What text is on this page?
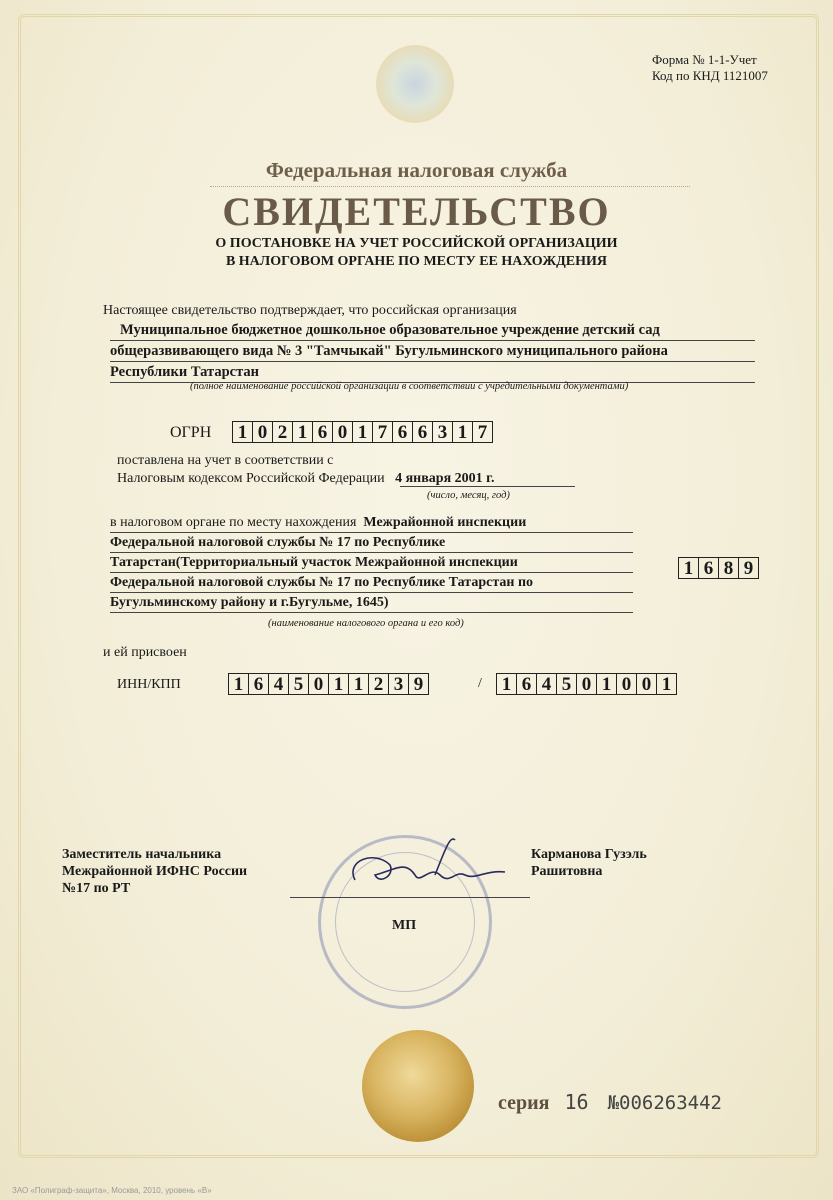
Форма № 1-1-Учет
Код по КНД 1121007
Федеральная налоговая служба
СВИДЕТЕЛЬСТВО
О ПОСТАНОВКЕ НА УЧЕТ РОССИЙСКОЙ ОРГАНИЗАЦИИ
В НАЛОГОВОМ ОРГАНЕ ПО МЕСТУ ЕЕ НАХОЖДЕНИЯ
Настоящее свидетельство подтверждает, что российская организация
Муниципальное бюджетное дошкольное образовательное учреждение детский сад
общеразвивающего вида № 3 "Тамчыкай" Бугульминского муниципального района
Республики Татарстан
(полное наименование российской организации в соответствии с учредительными документами)
ОГРН 1 0 2 1 6 0 1 7 6 6 3 1 7
поставлена на учет в соответствии с
Налоговым кодексом Российской Федерации 4 января 2001 г.
(число, месяц, год)
в налоговом органе по месту нахождения Межрайонной инспекции
Федеральной налоговой службы № 17 по Республике
Татарстан(Территориальный участок Межрайонной инспекции
Федеральной налоговой службы № 17 по Республике Татарстан по
Бугульминскому району и г.Бугульме, 1645)
1 6 8 9
(наименование налогового органа и его код)
и ей присвоен
ИНН/КПП	1 6 4 5 0 1 1 2 3 9	/ 1 6 4 5 0 1 0 0 1
Заместитель начальника
Межрайонной ИФНС России
№17 по РТ
Карманова Гузэль
Рашитовна
МП
серия 16 №006263442
ЗАО «Полиграф-защита», Москва, 2010, уровень «В»
